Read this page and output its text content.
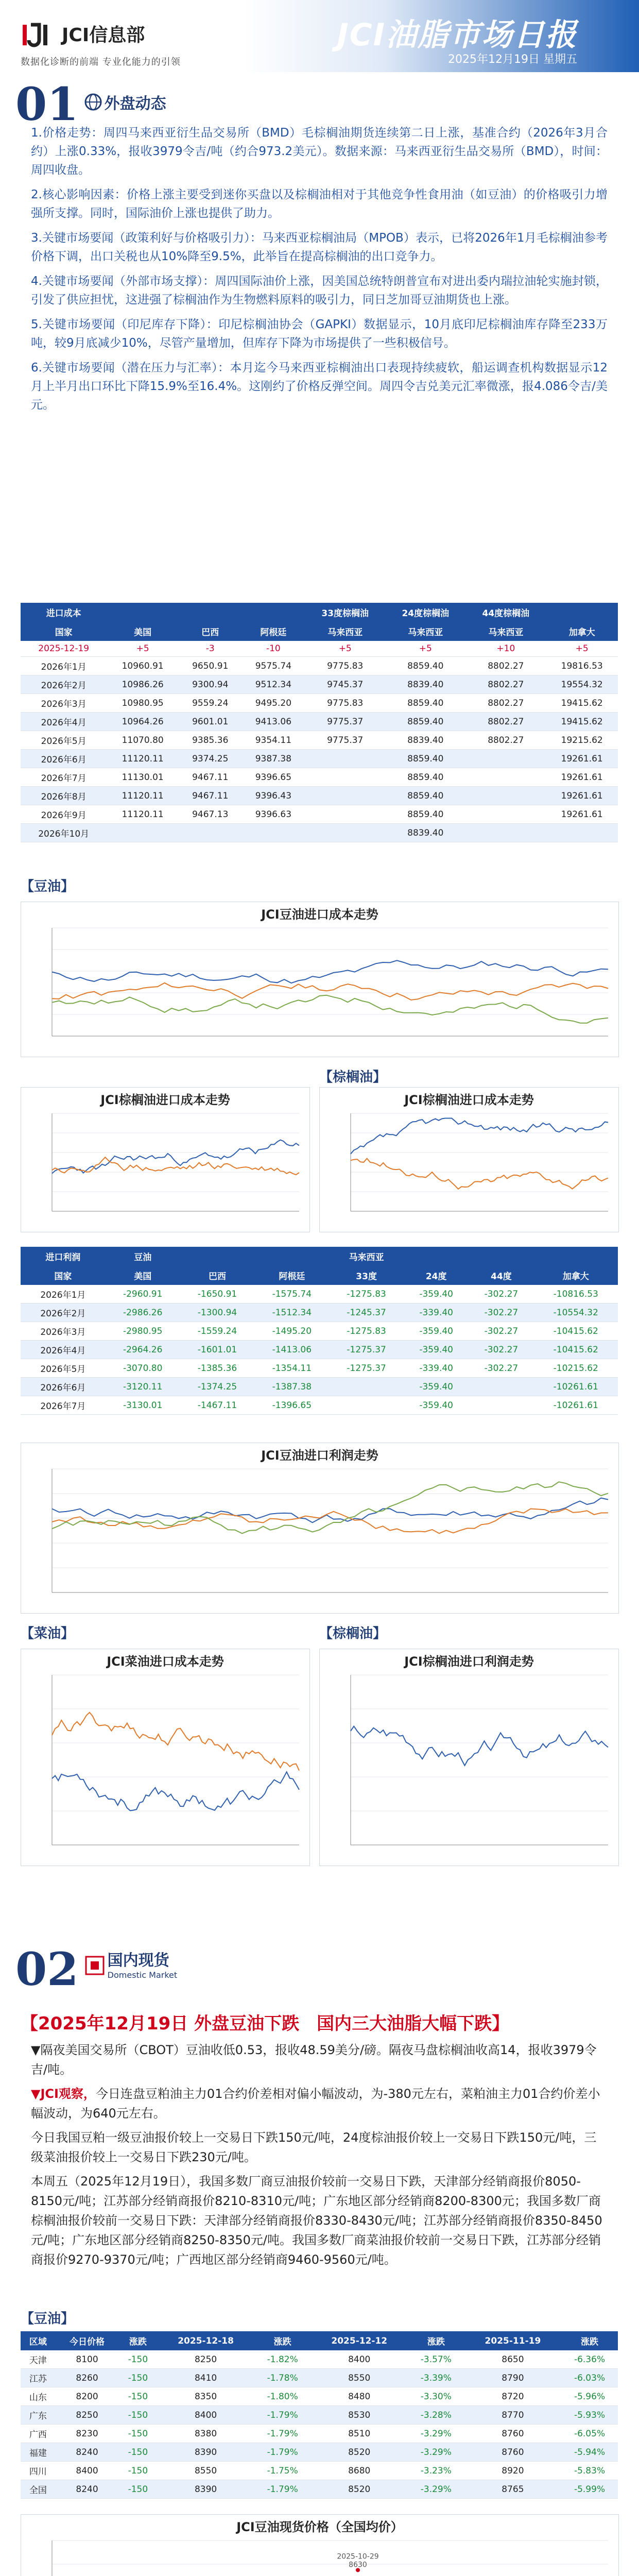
JCI信息部
数据化诊断的前端 专业化能力的引领
JCI油脂市场日报
2025年12月19日 星期五
01 外盘动态

1.价格走势：周四马来西亚衍生品交易所（BMD）毛棕榈油期货连续第二日上涨，基准合约（2026年3月合约）上涨0.33%，报收3979令吉/吨（约合973.2美元）。数据来源：马来西亚衍生品交易所（BMD），时间：周四收盘。

2.核心影响因素：价格上涨主要受到迷你买盘以及棕榈油相对于其他竞争性食用油（如豆油）的价格吸引力增强所支撑。同时，国际油价上涨也提供了助力。

3.关键市场要闻（政策利好与价格吸引力）：马来西亚棕榈油局（MPOB）表示，已将2026年1月毛棕榈油参考价格下调，出口关税也从10%降至9.5%，此举旨在提高棕榈油的出口竞争力。

4.关键市场要闻（外部市场支撑）：周四国际油价上涨，因美国总统特朗普宣布对进出委内瑞拉油轮实施封锁，引发了供应担忧，这进强了棕榈油作为生物燃料原料的吸引力，同日芝加哥豆油期货也上涨。

5.关键市场要闻（印尼库存下降）：印尼棕榈油协会（GAPKI）数据显示，10月底印尼棕榈油库存降至233万吨，较9月底减少10%，尽管产量增加，但库存下降为市场提供了一些积极信号。

6.关键市场要闻（潜在压力与汇率）：本月迄今马来西亚棕榈油出口表现持续疲软，船运调查机构数据显示12月上半月出口环比下降15.9%至16.4%。这刚约了价格反弹空间。周四令吉兑美元汇率微涨，报4.086令吉/美元。

进口成本				33度棕榈油	24度棕榈油	44度棕榈油	
国家	美国	巴西	阿根廷	马来西亚	马来西亚	马来西亚	加拿大
2025-12-19	+5	-3	-10	+5	+5	+10	+5
2026年1月	10960.91	9650.91	9575.74	9775.83	8859.40	8802.27	19816.53
2026年2月	10986.26	9300.94	9512.34	9745.37	8839.40	8802.27	19554.32
2026年3月	10980.95	9559.24	9495.20	9775.83	8859.40	8802.27	19415.62
2026年4月	10964.26	9601.01	9413.06	9775.37	8859.40	8802.27	19415.62
2026年5月	11070.80	9385.36	9354.11	9775.37	8839.40	8802.27	19215.62
2026年6月	11120.11	9374.25	9387.38		8859.40		19261.61
2026年7月	11130.01	9467.11	9396.65		8859.40		19261.61
2026年8月	11120.11	9467.11	9396.43		8859.40		19261.61
2026年9月	11120.11	9467.13	9396.63		8859.40		19261.61
2026年10月					8839.40		
【豆油】
JCI豆油进口成本走势
【棕榈油】
JCI棕榈油进口成本走势	JCI棕榈油进口成本走势
进口利润	豆油			马来西亚			
国家	美国	巴西	阿根廷	33度	24度	44度	加拿大
2026年1月	-2960.91	-1650.91	-1575.74	-1275.83	-359.40	-302.27	-10816.53
2026年2月	-2986.26	-1300.94	-1512.34	-1245.37	-339.40	-302.27	-10554.32
2026年3月	-2980.95	-1559.24	-1495.20	-1275.83	-359.40	-302.27	-10415.62
2026年4月	-2964.26	-1601.01	-1413.06	-1275.37	-359.40	-302.27	-10415.62
2026年5月	-3070.80	-1385.36	-1354.11	-1275.37	-339.40	-302.27	-10215.62
2026年6月	-3120.11	-1374.25	-1387.38		-359.40		-10261.61
2026年7月	-3130.01	-1467.11	-1396.65		-359.40		-10261.61
JCI豆油进口利润走势
【菜油】	【棕榈油】
JCI菜油进口成本走势	JCI棕榈油进口利润走势
02 国内现货
Domestic Market
【2025年12月19日 外盘豆油下跌　国内三大油脂大幅下跌】
▼隔夜美国交易所（CBOT）豆油收低0.53，报收48.59美分/磅。隔夜马盘棕榈油收高14，报收3979令吉/吨。
▼JCI观察，今日连盘豆粕油主力01合约价差相对偏小幅波动，为-380元左右，菜粕油主力01合约价差小幅波动，为640元左右。
今日我国豆粕一级豆油报价较上一交易日下跌150元/吨，24度棕油报价较上一交易日下跌150元/吨，三级菜油报价较上一交易日下跌230元/吨。
本周五（2025年12月19日），我国多数厂商豆油报价较前一交易日下跌，天津部分经销商报价8050-8150元/吨；江苏部分经销商报价8210-8310元/吨；广东地区部分经销商8200-8300元；我国多数厂商棕榈油报价较前一交易日下跌：天津部分经销商报价8330-8430元/吨；江苏部分经销商报价8350-8450元/吨；广东地区部分经销商8250-8350元/吨。我国多数厂商菜油报价较前一交易日下跌，江苏部分经销商报价9270-9370元/吨；广西地区部分经销商9460-9560元/吨。
【豆油】
区域	今日价格	涨跌	2025-12-18	涨跌	2025-12-12	涨跌	2025-11-19	涨跌
天津	8100	-150	8250	-1.82%	8400	-3.57%	8650	-6.36%
江苏	8260	-150	8410	-1.78%	8550	-3.39%	8790	-6.03%
山东	8200	-150	8350	-1.80%	8480	-3.30%	8720	-5.96%
广东	8250	-150	8400	-1.79%	8530	-3.28%	8770	-5.93%
广西	8230	-150	8380	-1.79%	8510	-3.29%	8760	-6.05%
福建	8240	-150	8390	-1.79%	8520	-3.29%	8760	-5.94%
四川	8400	-150	8550	-1.75%	8680	-3.23%	8920	-5.83%
全国	8240	-150	8390	-1.79%	8520	-3.29%	8765	-5.99%
JCI豆油现货价格（全国均价）
2025-10-29
8630
